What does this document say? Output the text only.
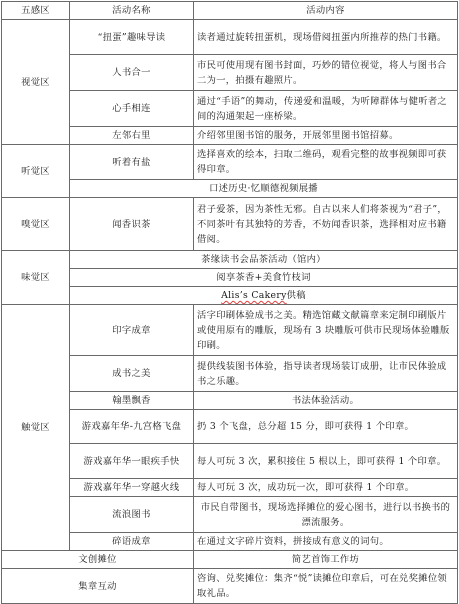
五感区	活动名称	活动内容
视觉区	“扭蛋”趣味导读	读者通过旋转扭蛋机，现场借阅扭蛋内所推荐的热门书籍。
	人书合一	市民可使用现有图书封面，巧妙的错位视觉，将人与图书合二为一，拍摄有趣照片。
	心手相连	通过“手语”的舞动，传递爱和温暖，为听障群体与健听者之间的沟通架起一座桥梁。
	左邻右里	介绍邻里图书馆的服务，开展邻里图书馆招募。
听觉区	听着有盐	选择喜欢的绘本，扫取二维码，观看完整的故事视频即可获得印章。
	口述历史·忆顺德视频展播	
嗅觉区	闻香识茶	君子爱茶，因为茶性无邪。自古以来人们将茶视为“君子”，不同茶叶有其独特的芳香，不妨闻香识茶，选择相对应书籍借阅。
味觉区	茶缘读书会品茶活动（馆内）	
	阅享茶香+美食竹枝词	
	Alis’s Cakery供稿	
触觉区	印字成章	活字印刷体验成书之美。精选馆藏文献篇章来定制印刷版片或使用原有的雕版，现场有 3 块雕版可供市民现场体验雕版印刷。
	成书之美	提供线装图书体验，指导读者现场装订成册，让市民体验成书之乐趣。
	翰墨飘香	书法体验活动。
	游戏嘉年华-九宫格飞盘	扔 3 个飞盘，总分超 15 分，即可获得 1 个印章。
	游戏嘉年华一眼疾手快	每人可玩 3 次，累积接住 5 根以上，即可获得 1 个印章。
	游戏嘉年华一穿越火线	每人可玩 3 次，成功玩一次，即可获得 1 个印章。
	流浪图书	市民自带图书，现场选择摊位的爱心图书，进行以书换书的漂流服务。
	碎语成章	在通过文字碎片资料，拼接成有意义的词句。
文创摊位		简艺首饰工作坊
集章互动		咨询、兑奖摊位：集齐“悦”读摊位印章后，可在兑奖摊位领取礼品。
